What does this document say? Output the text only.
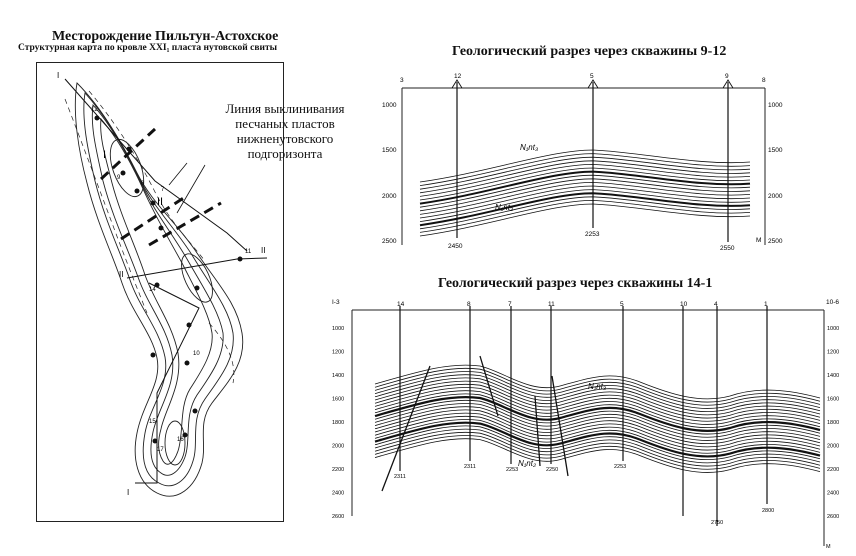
Месторождение Пильтун-Астохское
Структурная карта по кровле XXI₁ пласта нутовской свиты
I
II
7
8
9
10
14
15
16
17
12
11
I
I
II
II
Линия выклинивания песчаных пластов нижненутовского подгоризонта
Геологический разрез через скважины 9-12
12	5	9
3	8
1000
1500
2000
2500
1000
1500
2000
2500
М
2450
2253
2550
N₁nt₃
N₁nt₂
Геологический разрез через скважины 14-1
14	8	7	11	5	10	4	1
I-3	10-6
1000
1200
1400
1600
1800
2000
2200
2400
2600
1000
1200
1400
1600
1800
2000
2200
2400
2600
М
N₁nt₃
N₁nt₂
2311
2311	2253	2250	2253
2750
2800
